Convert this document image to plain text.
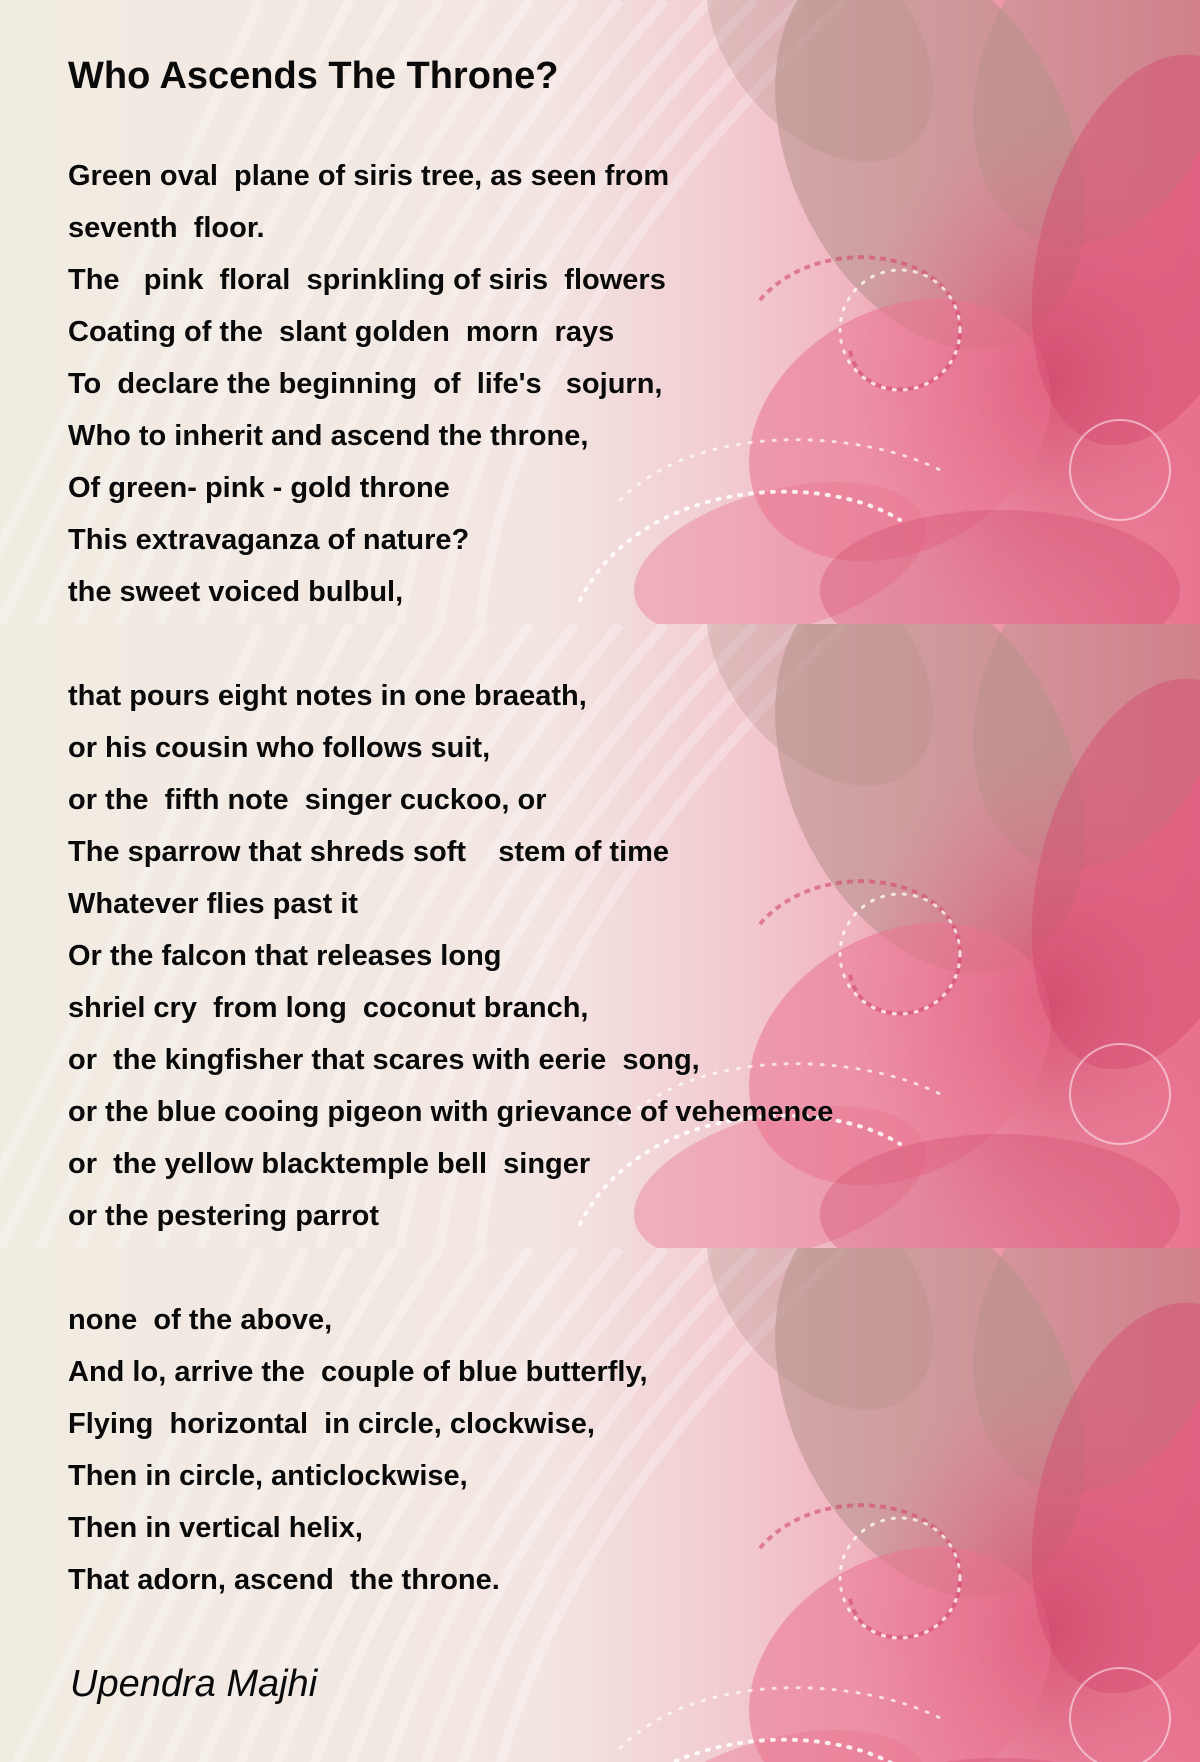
Who Ascends The Throne?
Green oval  plane of siris tree, as seen from
seventh  floor.
The   pink  floral  sprinkling of siris  flowers
Coating of the  slant golden  morn  rays
To  declare the beginning  of  life's   sojurn,
Who to inherit and ascend the throne,
Of green- pink - gold throne
This extravaganza of nature?
the sweet voiced bulbul,
that pours eight notes in one braeath,
or his cousin who follows suit,
or the  fifth note  singer cuckoo, or
The sparrow that shreds soft    stem of time
Whatever flies past it
Or the falcon that releases long
shriel cry  from long  coconut branch,
or  the kingfisher that scares with eerie  song,
or the blue cooing pigeon with grievance of vehemence
or  the yellow blacktemple bell  singer
or the pestering parrot
none  of the above,
And lo, arrive the  couple of blue butterfly,
Flying  horizontal  in circle, clockwise,
Then in circle, anticlockwise,
Then in vertical helix,
That adorn, ascend  the throne.
Upendra Majhi
